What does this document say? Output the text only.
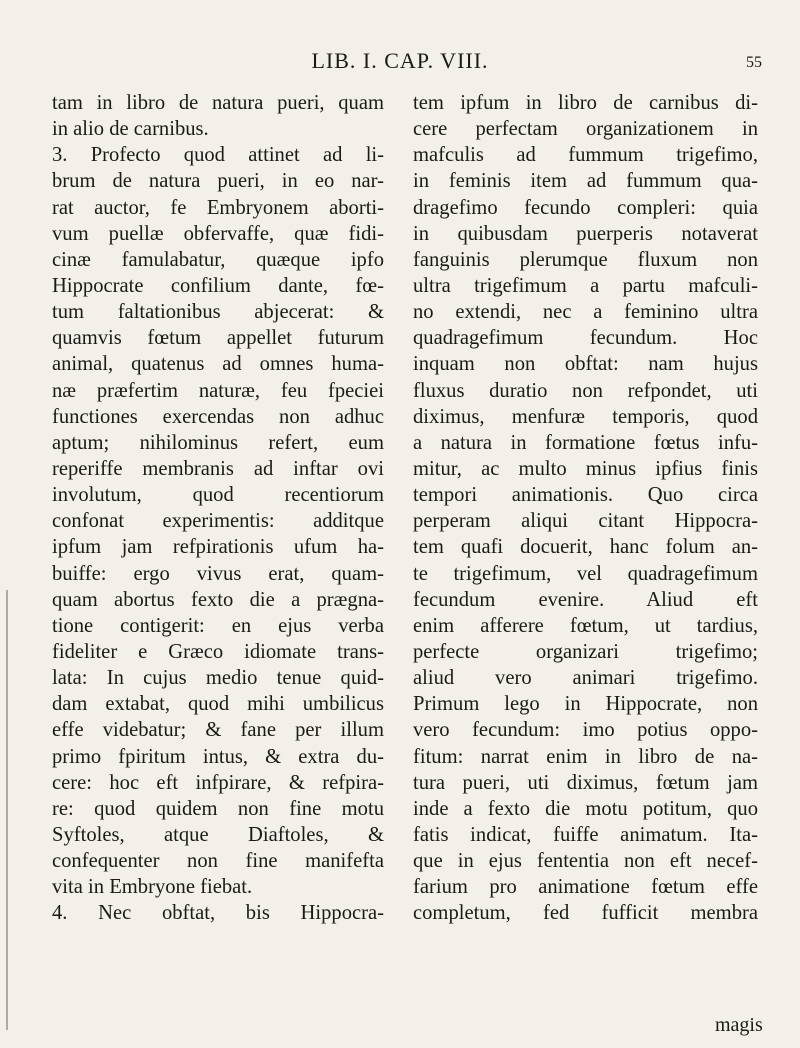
LIB. I. CAP. VIII.	55
tam in libro de natura pueri, quam
in alio de carnibus.
3. Profecto quod attinet ad li-
brum de natura pueri, in eo nar-
rat auctor, fe Embryonem aborti-
vum puellæ obfervaffe, quæ fidi-
cinæ famulabatur, quæque ipfo
Hippocrate confilium dante, fœ-
tum faltationibus abjecerat: &
quamvis fœtum appellet futurum
animal, quatenus ad omnes huma-
næ præfertim naturæ, feu fpeciei
functiones exercendas non adhuc
aptum; nihilominus refert, eum
reperiffe membranis ad inftar ovi
involutum, quod recentiorum
confonat experimentis: additque
ipfum jam refpirationis ufum ha-
buiffe: ergo vivus erat, quam-
quam abortus fexto die a prægna-
tione contigerit: en ejus verba
fideliter e Græco idiomate trans-
lata: In cujus medio tenue quid-
dam extabat, quod mihi umbilicus
effe videbatur; & fane per illum
primo fpiritum intus, & extra du-
cere: hoc eft infpirare, & refpira-
re: quod quidem non fine motu
Syftoles, atque Diaftoles, &
confequenter non fine manifefta
vita in Embryone fiebat.
4. Nec obftat, bis Hippocra-
tem ipfum in libro de carnibus di-
cere perfectam organizationem in
mafculis ad fummum trigefimo,
in feminis item ad fummum qua-
dragefimo fecundo compleri: quia
in quibusdam puerperis notaverat
fanguinis plerumque fluxum non
ultra trigefimum a partu mafculi-
no extendi, nec a feminino ultra
quadragefimum fecundum. Hoc
inquam non obftat: nam hujus
fluxus duratio non refpondet, uti
diximus, menfuræ temporis, quod
a natura in formatione fœtus infu-
mitur, ac multo minus ipfius finis
tempori animationis. Quo circa
perperam aliqui citant Hippocra-
tem quafi docuerit, hanc folum an-
te trigefimum, vel quadragefimum
fecundum evenire. Aliud eft
enim afferere fœtum, ut tardius,
perfecte organizari trigefimo;
aliud vero animari trigefimo.
Primum lego in Hippocrate, non
vero fecundum: imo potius oppo-
fitum: narrat enim in libro de na-
tura pueri, uti diximus, fœtum jam
inde a fexto die motu potitum, quo
fatis indicat, fuiffe animatum. Ita-
que in ejus fententia non eft necef-
farium pro animatione fœtum effe
completum, fed fufficit membra
magis
